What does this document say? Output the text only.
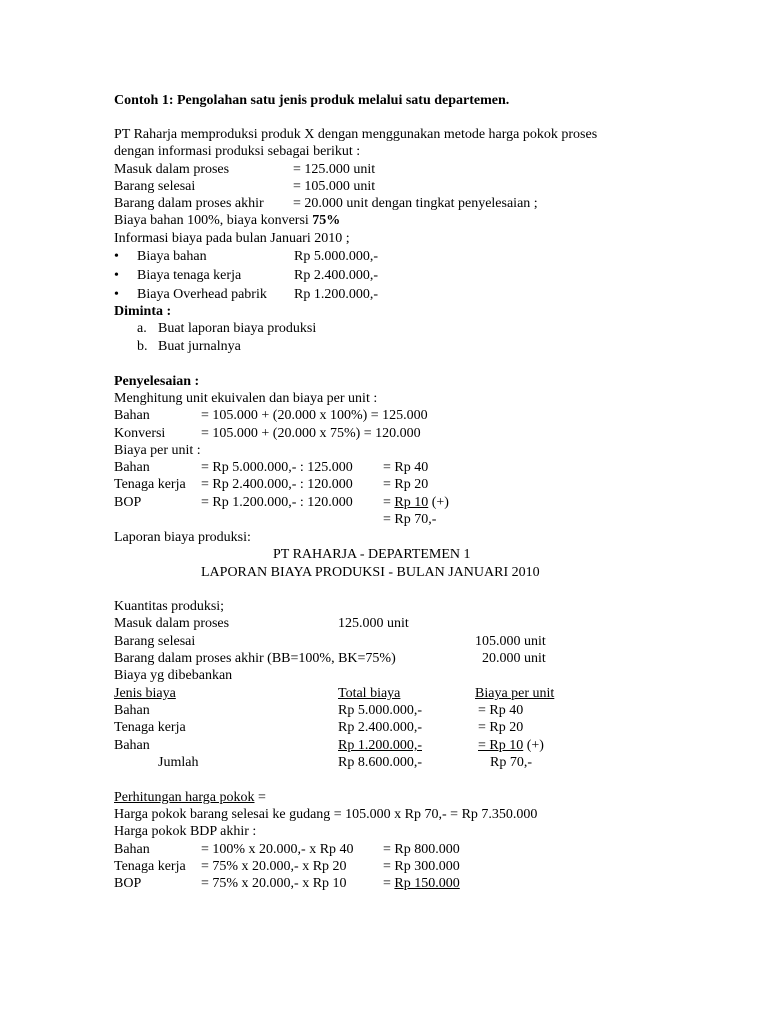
Contoh 1: Pengolahan satu jenis produk melalui satu departemen.
PT Raharja memproduksi produk X dengan menggunakan metode harga pokok proses
dengan informasi produksi sebagai berikut :
Masuk dalam proses	= 125.000 unit
Barang selesai	= 105.000 unit
Barang dalam proses akhir = 20.000 unit dengan tingkat penyelesaian ;
Biaya bahan 100%, biaya konversi 75%
Informasi biaya pada bulan Januari 2010 ;
• Biaya bahan	Rp 5.000.000,-
• Biaya tenaga kerja	Rp 2.400.000,-
• Biaya Overhead pabrik Rp 1.200.000,-
Diminta :
a. Buat laporan biaya produksi
b. Buat jurnalnya
Penyelesaian :
Menghitung unit ekuivalen dan biaya per unit :
Bahan	= 105.000 + (20.000 x 100%) = 125.000
Konversi	= 105.000 + (20.000 x 75%) = 120.000
Biaya per unit :
Bahan	= Rp 5.000.000,- : 125.000 = Rp 40
Tenaga kerja = Rp 2.400.000,- : 120.000 = Rp 20
BOP	= Rp 1.200.000,- : 120.000 = Rp 10 (+)
= Rp 70,-
Laporan biaya produksi:
PT RAHARJA - DEPARTEMEN 1
LAPORAN BIAYA PRODUKSI - BULAN JANUARI 2010
Kuantitas produksi;
Masuk dalam proses	125.000 unit
Barang selesai	105.000 unit
Barang dalam proses akhir (BB=100%, BK=75%)	20.000 unit
Biaya yg dibebankan
Jenis biaya	Total biaya	Biaya per unit
Bahan	Rp 5.000.000,-	= Rp 40
Tenaga kerja	Rp 2.400.000,-	= Rp 20
Bahan	Rp 1.200.000,-	= Rp 10 (+)
Jumlah	Rp 8.600.000,-	Rp 70,-
Perhitungan harga pokok =
Harga pokok barang selesai ke gudang = 105.000 x Rp 70,- = Rp 7.350.000
Harga pokok BDP akhir :
Bahan	= 100% x 20.000,- x Rp 40 = Rp 800.000
Tenaga kerja = 75% x 20.000,- x Rp 20	= Rp 300.000
BOP	= 75% x 20.000,- x Rp 10	= Rp 150.000
